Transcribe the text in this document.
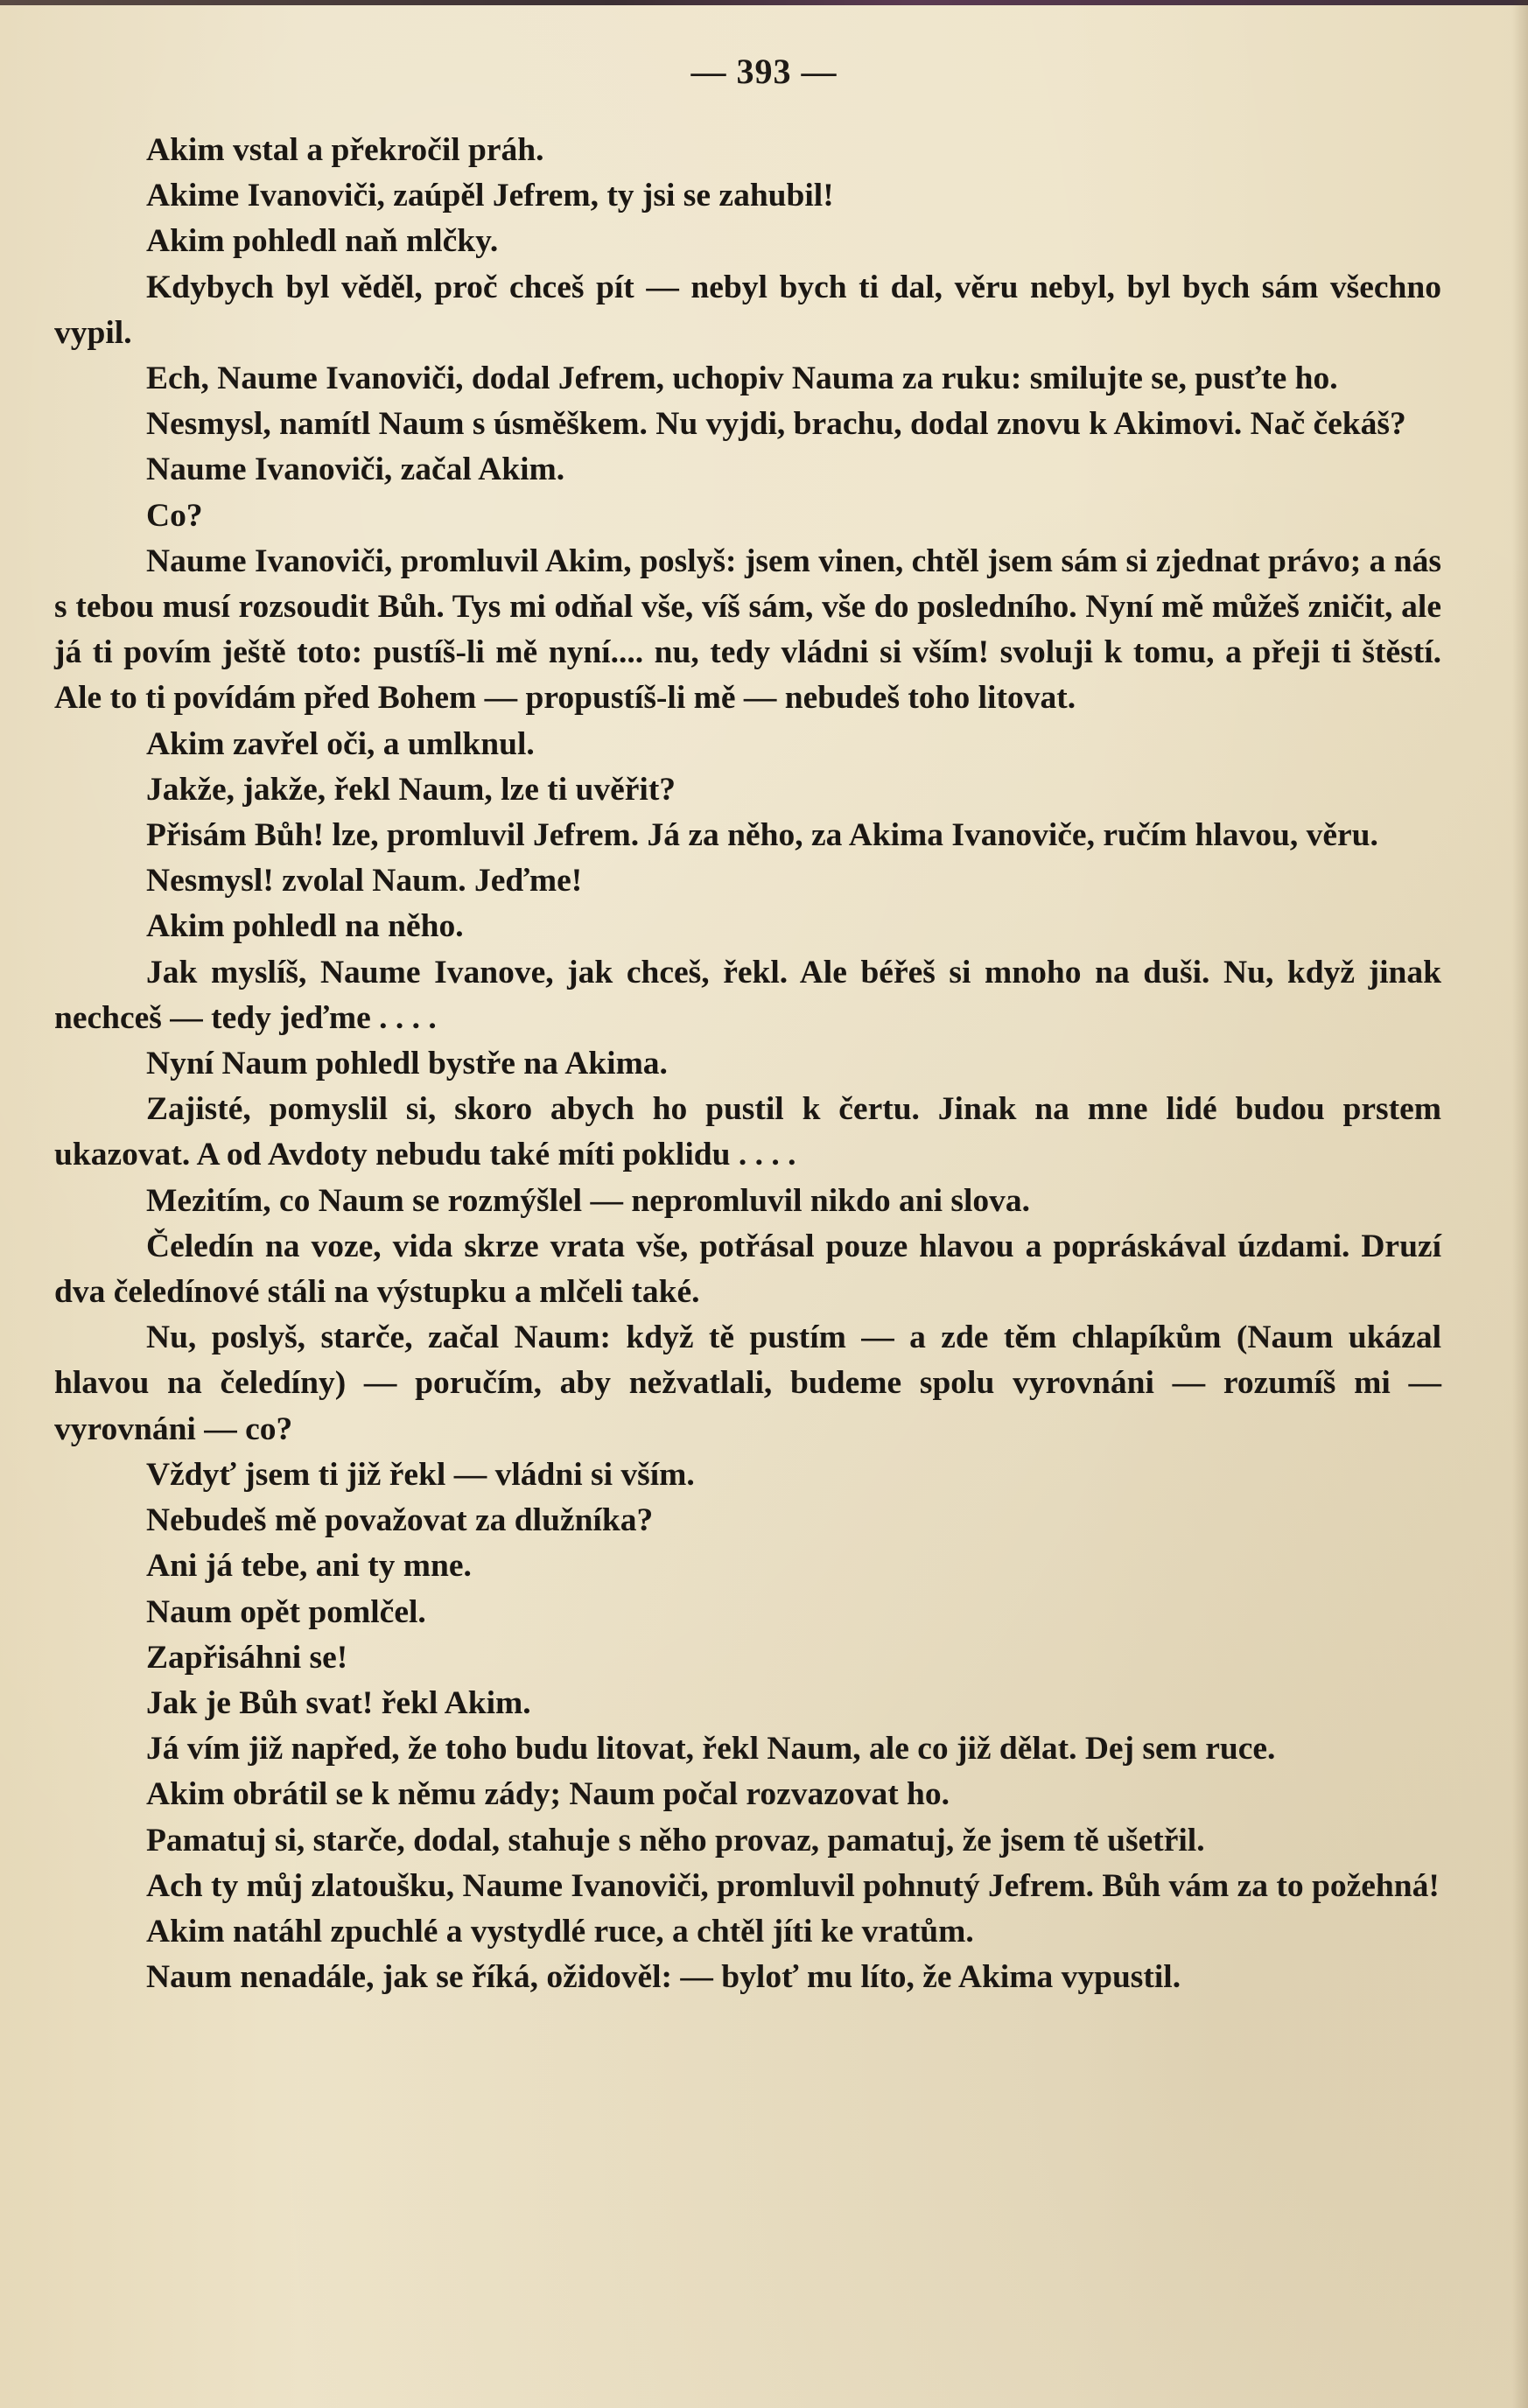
— 393 —

Akim vstal a překročil práh.

Akime Ivanoviči, zaúpěl Jefrem, ty jsi se zahubil!

Akim pohledl naň mlčky.

Kdybych byl věděl, proč chceš pít — nebyl bych ti dal, věru nebyl, byl bych sám všechno vypil.

Ech, Naume Ivanoviči, dodal Jefrem, uchopiv Nauma za ruku: smilujte se, pusťte ho.

Nesmysl, namítl Naum s úsměškem. Nu vyjdi, brachu, dodal znovu k Akimovi. Nač čekáš?

Naume Ivanoviči, začal Akim.

Co?

Naume Ivanoviči, promluvil Akim, poslyš: jsem vinen, chtěl jsem sám si zjednat právo; a nás s tebou musí rozsoudit Bůh. Tys mi odňal vše, víš sám, vše do posledního. Nyní mě můžeš zničit, ale já ti povím ještě toto: pustíš-li mě nyní.... nu, tedy vládni si vším! svoluji k tomu, a přeji ti štěstí. Ale to ti povídám před Bohem — propustíš-li mě — nebudeš toho litovat.

Akim zavřel oči, a umlknul.

Jakže, jakže, řekl Naum, lze ti uvěřit?

Přisám Bůh! lze, promluvil Jefrem. Já za něho, za Akima Ivanoviče, ručím hlavou, věru.

Nesmysl! zvolal Naum. Jeďme!

Akim pohledl na něho.

Jak myslíš, Naume Ivanove, jak chceš, řekl. Ale béřeš si mnoho na duši. Nu, když jinak nechceš — tedy jeďme . . . .

Nyní Naum pohledl bystře na Akima.

Zajisté, pomyslil si, skoro abych ho pustil k čertu. Jinak na mne lidé budou prstem ukazovat. A od Avdoty nebudu také míti poklidu . . . .

Mezitím, co Naum se rozmýšlel — nepromluvil nikdo ani slova.

Čeledín na voze, vida skrze vrata vše, potřásal pouze hlavou a popráskával úzdami. Druzí dva čeledínové stáli na výstupku a mlčeli také.

Nu, poslyš, starče, začal Naum: když tě pustím — a zde těm chlapíkům (Naum ukázal hlavou na čeledíny) — poručím, aby nežvatlali, budeme spolu vyrovnáni — rozumíš mi — vyrovnáni — co?

Vždyť jsem ti již řekl — vládni si vším.

Nebudeš mě považovat za dlužníka?

Ani já tebe, ani ty mne.

Naum opět pomlčel.

Zapřisáhni se!

Jak je Bůh svat! řekl Akim.

Já vím již napřed, že toho budu litovat, řekl Naum, ale co již dělat. Dej sem ruce.

Akim obrátil se k němu zády; Naum počal rozvazovat ho.

Pamatuj si, starče, dodal, stahuje s něho provaz, pamatuj, že jsem tě ušetřil.

Ach ty můj zlatoušku, Naume Ivanoviči, promluvil pohnutý Jefrem. Bůh vám za to požehná!

Akim natáhl zpuchlé a vystydlé ruce, a chtěl jíti ke vratům.

Naum nenadále, jak se říká, ožidověl: — byloť mu líto, že Akima vypustil.
